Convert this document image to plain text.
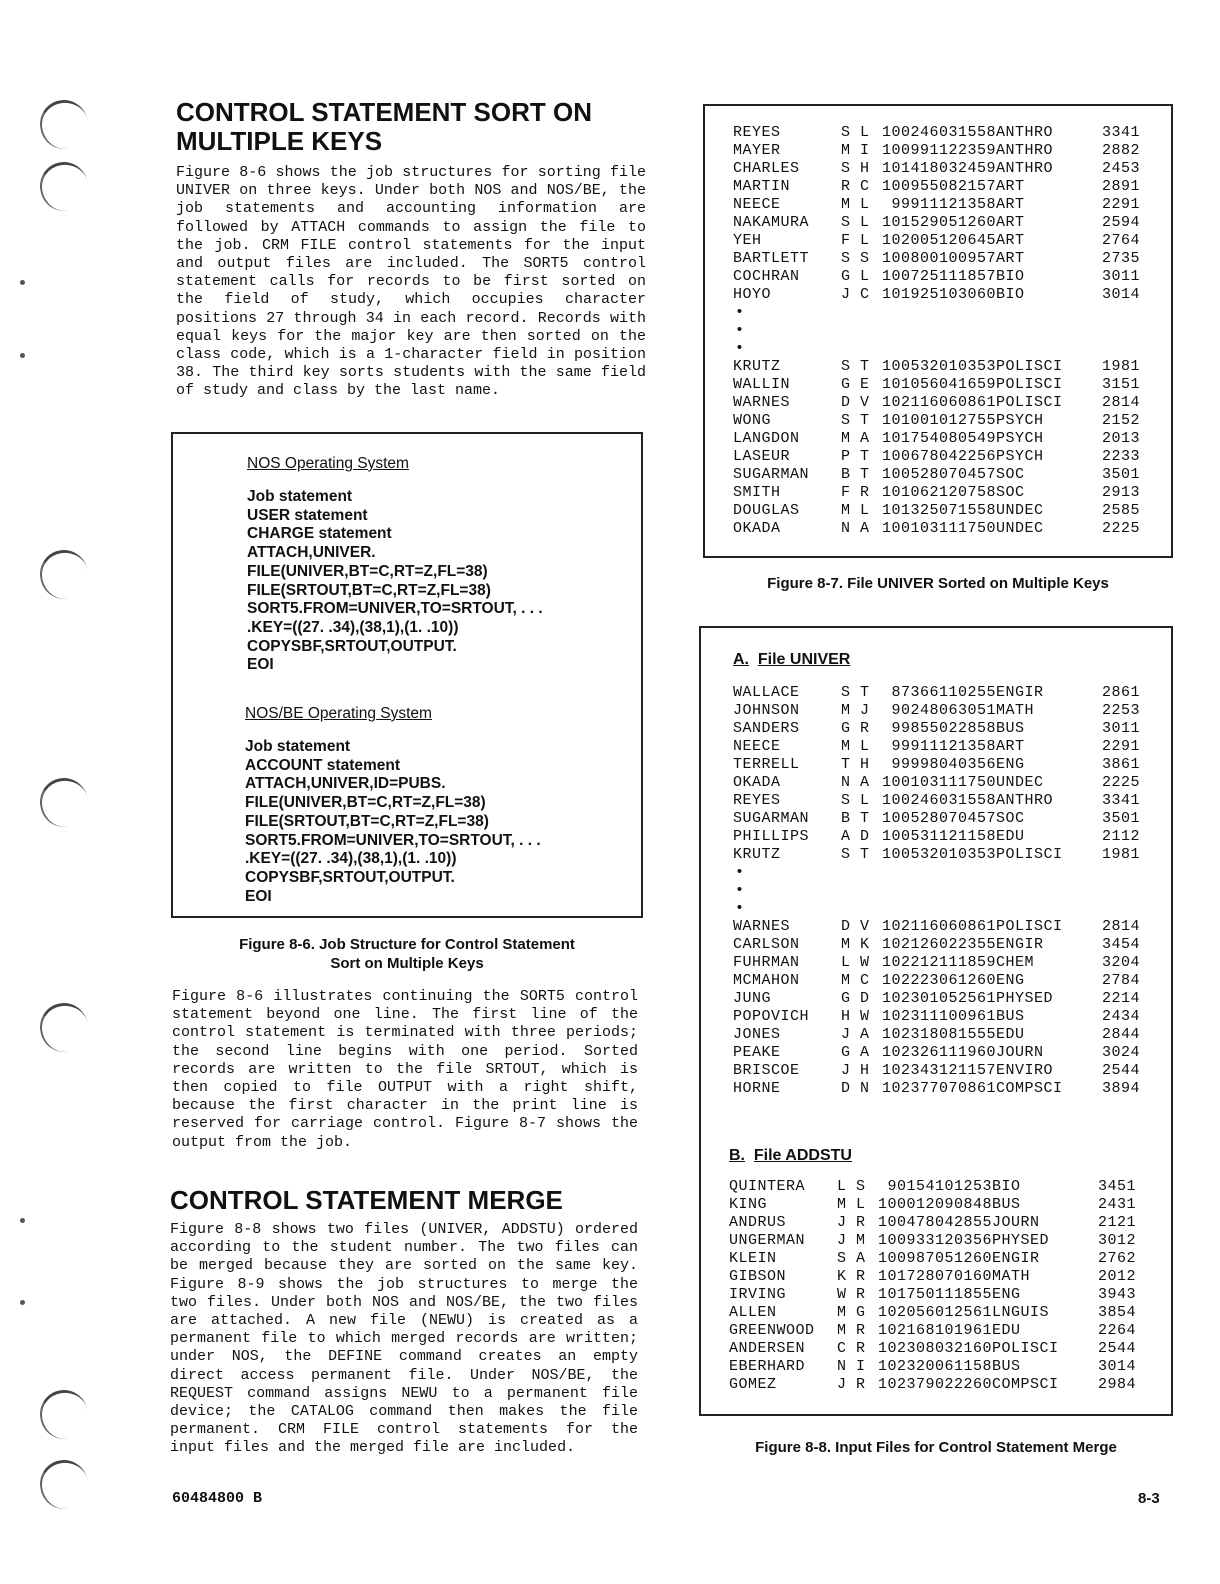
CONTROL STATEMENT SORT ON
MULTIPLE KEYS

Figure 8-6 shows the job structures for sorting file UNIVER on three keys. Under both NOS and NOS/BE, the job statements and accounting information are followed by ATTACH commands to assign the file to the job. CRM FILE control statements for the input and output files are included. The SORT5 control statement calls for records to be first sorted on the field of study, which occupies character positions 27 through 34 in each record. Records with equal keys for the major key are then sorted on the class code, which is a 1-character field in position 38. The third key sorts students with the same field of study and class by the last name.

NOS Operating System

Job statement

USER statement

CHARGE statement

ATTACH,UNIVER.

FILE(UNIVER,BT=C,RT=Z,FL=38)

FILE(SRTOUT,BT=C,RT=Z,FL=38)

SORT5.FROM=UNIVER,TO=SRTOUT, . . .

.KEY=((27. .34),(38,1),(1. .10))

COPYSBF,SRTOUT,OUTPUT.

EOI

NOS/BE Operating System

Job statement

ACCOUNT statement

ATTACH,UNIVER,ID=PUBS.

FILE(UNIVER,BT=C,RT=Z,FL=38)

FILE(SRTOUT,BT=C,RT=Z,FL=38)

SORT5.FROM=UNIVER,TO=SRTOUT, . . .

.KEY=((27. .34),(38,1),(1. .10))

COPYSBF,SRTOUT,OUTPUT.

EOI

Figure 8-6. Job Structure for Control Statement
Sort on Multiple Keys

Figure 8-6 illustrates continuing the SORT5 control statement beyond one line. The first line of the control statement is terminated with three periods; the second line begins with one period. Sorted records are written to the file SRTOUT, which is then copied to file OUTPUT with a right shift, because the first character in the print line is reserved for carriage control. Figure 8-7 shows the output from the job.

CONTROL STATEMENT MERGE

Figure 8-8 shows two files (UNIVER, ADDSTU) ordered according to the student number. The two files can be merged because they are sorted on the same key. Figure 8-9 shows the job structures to merge the two files. Under both NOS and NOS/BE, the two files are attached. A new file (NEWU) is created as a permanent file to which merged records are written; under NOS, the DEFINE command creates an empty direct access permanent file. Under NOS/BE, the REQUEST command assigns NEWU to a permanent file device; the CATALOG command then makes the file permanent. CRM FILE control statements for the input files and the merged file are included.

REYES	S	L	100246031558ANTHRO	3341
MAYER	M	I	100991122359ANTHRO	2882
CHARLES	S	H	101418032459ANTHRO	2453
MARTIN	R	C	100955082157ART	2891
NEECE	M	L	99911121358ART	2291
NAKAMURA	S	L	101529051260ART	2594
YEH	F	L	102005120645ART	2764
BARTLETT	S	S	100800100957ART	2735
COCHRAN	G	L	100725111857BIO	3011
HOYO	J	C	101925103060BIO	3014
•
•
•
KRUTZ	S	T	100532010353POLISCI	1981
WALLIN	G	E	101056041659POLISCI	3151
WARNES	D	V	102116060861POLISCI	2814
WONG	S	T	101001012755PSYCH	2152
LANGDON	M	A	101754080549PSYCH	2013
LASEUR	P	T	100678042256PSYCH	2233
SUGARMAN	B	T	100528070457SOC	3501
SMITH	F	R	101062120758SOC	2913
DOUGLAS	M	L	101325071558UNDEC	2585
OKADA	N	A	100103111750UNDEC	2225
Figure 8-7. File UNIVER Sorted on Multiple Keys

A. File UNIVER

WALLACE	S	T	87366110255ENGIR	2861
JOHNSON	M	J	90248063051MATH	2253
SANDERS	G	R	99855022858BUS	3011
NEECE	M	L	99911121358ART	2291
TERRELL	T	H	99998040356ENG	3861
OKADA	N	A	100103111750UNDEC	2225
REYES	S	L	100246031558ANTHRO	3341
SUGARMAN	B	T	100528070457SOC	3501
PHILLIPS	A	D	100531121158EDU	2112
KRUTZ	S	T	100532010353POLISCI	1981
•
•
•
WARNES	D	V	102116060861POLISCI	2814
CARLSON	M	K	102126022355ENGIR	3454
FUHRMAN	L	W	102212111859CHEM	3204
MCMAHON	M	C	102223061260ENG	2784
JUNG	G	D	102301052561PHYSED	2214
POPOVICH	H	W	102311100961BUS	2434
JONES	J	A	102318081555EDU	2844
PEAKE	G	A	102326111960JOURN	3024
BRISCOE	J	H	102343121157ENVIRO	2544
HORNE	D	N	102377070861COMPSCI	3894

B. File ADDSTU

QUINTERA	L	S	90154101253BIO	3451
KING	M	L	100012090848BUS	2431
ANDRUS	J	R	100478042855JOURN	2121
UNGERMAN	J	M	100933120356PHYSED	3012
KLEIN	S	A	100987051260ENGIR	2762
GIBSON	K	R	101728070160MATH	2012
IRVING	W	R	101750111855ENG	3943
ALLEN	M	G	102056012561LNGUIS	3854
GREENWOOD	M	R	102168101961EDU	2264
ANDERSEN	C	R	102308032160POLISCI	2544
EBERHARD	N	I	102320061158BUS	3014
GOMEZ	J	R	102379022260COMPSCI	2984
Figure 8-8. Input Files for Control Statement Merge
60484800 B	8-3
